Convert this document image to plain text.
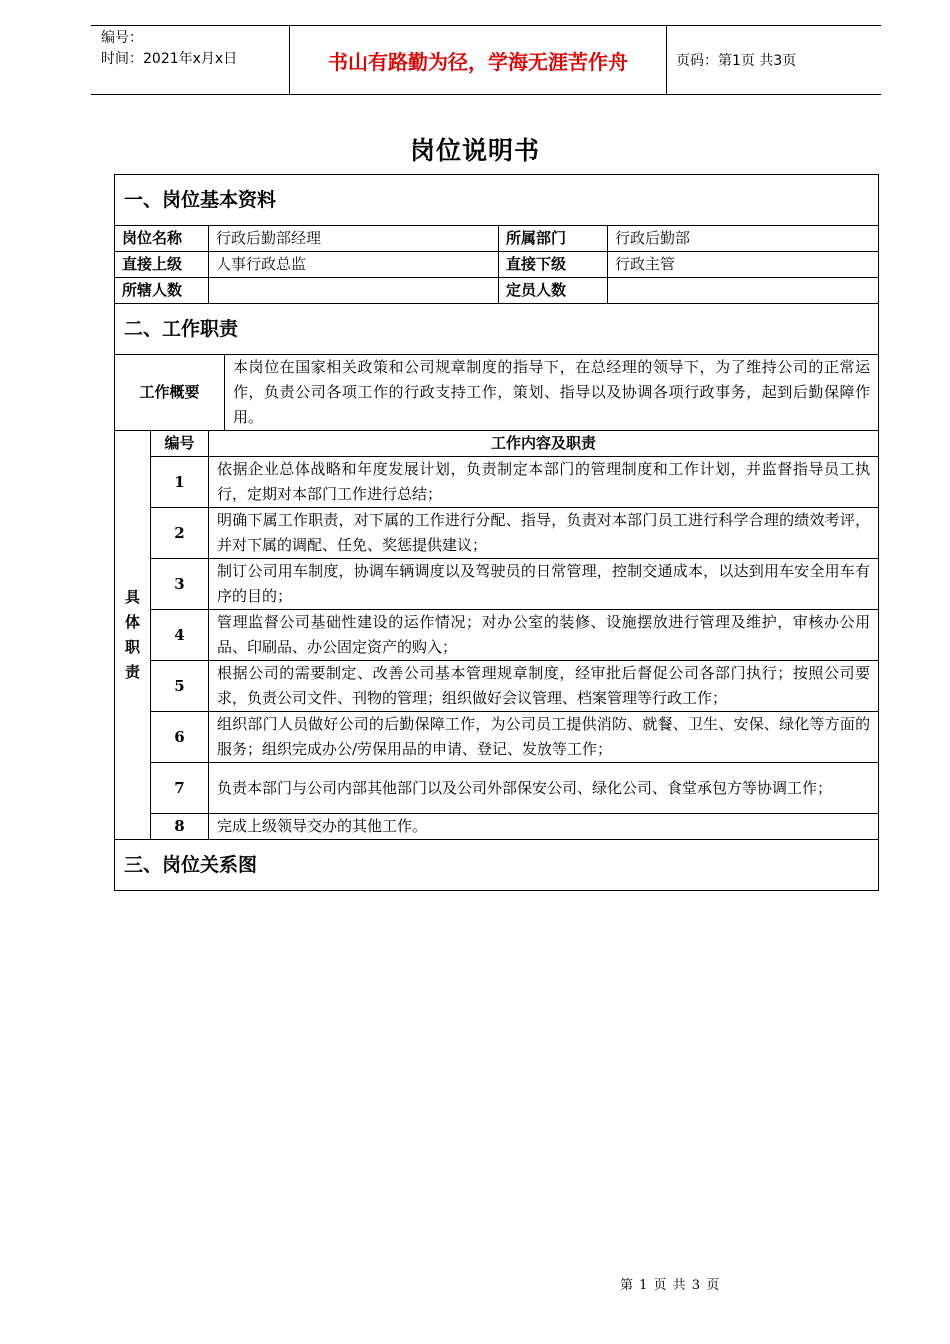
编号：
时间：2021年x月x日	书山有路勤为径，学海无涯苦作舟	页码：第1页 共3页
岗位说明书
一、岗位基本资料					
岗位名称		行政后勤部经理		所属部门	行政后勤部
直接上级		人事行政总监		直接下级	行政主管
所辖人数				定员人数	
二、工作职责					
工作概要			本岗位在国家相关政策和公司规章制度的指导下，在总经理的领导下，为了维持公司的正常运作，负责公司各项工作的行政支持工作，策划、指导以及协调各项行政事务，起到后勤保障作用。		

具
体
职
责	编号	工作内容及职责			
	1	依据企业总体战略和年度发展计划，负责制定本部门的管理制度和工作计划，并监督指导员工执行，定期对本部门工作进行总结；			
	2	明确下属工作职责，对下属的工作进行分配、指导，负责对本部门员工进行科学合理的绩效考评，并对下属的调配、任免、奖惩提供建议；			
	3	制订公司用车制度，协调车辆调度以及驾驶员的日常管理，控制交通成本，以达到用车安全用车有序的目的；			
	4	管理监督公司基础性建设的运作情况；对办公室的装修、设施摆放进行管理及维护，审核办公用品、印刷品、办公固定资产的购入；			
	5	根据公司的需要制定、改善公司基本管理规章制度，经审批后督促公司各部门执行；按照公司要求，负责公司文件、刊物的管理；组织做好会议管理、档案管理等行政工作；			
	6	组织部门人员做好公司的后勤保障工作，为公司员工提供消防、就餐、卫生、安保、绿化等方面的服务；组织完成办公/劳保用品的申请、登记、发放等工作；			
	7	负责本部门与公司内部其他部门以及公司外部保安公司、绿化公司、食堂承包方等协调工作；			
	8	完成上级领导交办的其他工作。			
三、岗位关系图					
第 1 页 共 3 页
